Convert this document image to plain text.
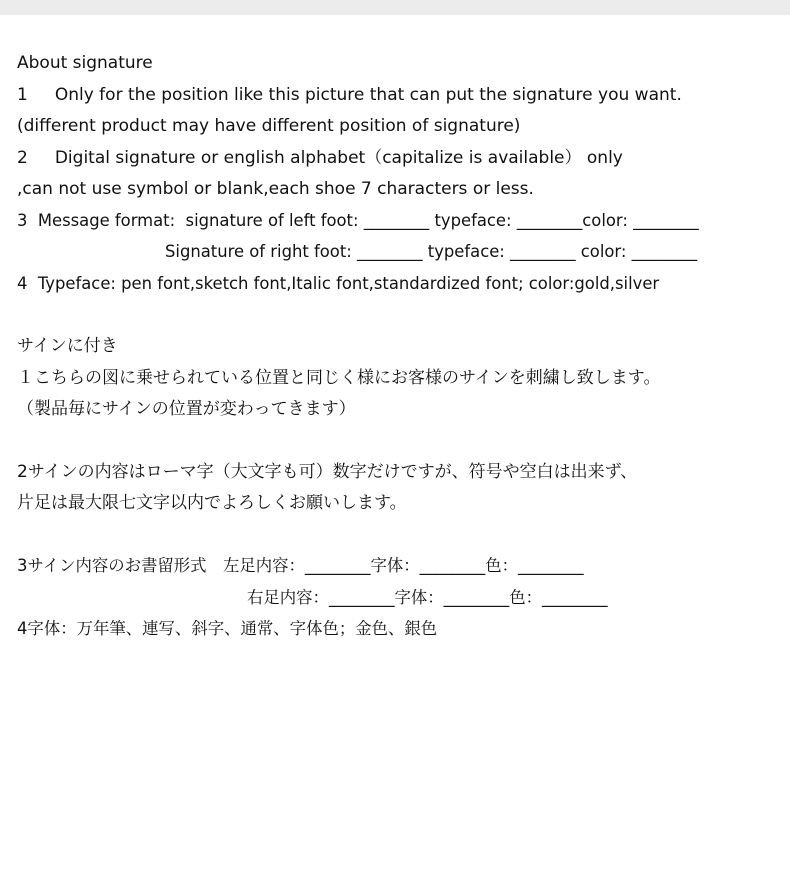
About signature
1     Only for the position like this picture that can put the signature you want.
(different product may have different position of signature)
2     Digital signature or english alphabet（capitalize is available） only
,can not use symbol or blank,each shoe 7 characters or less.
3  Message format:  signature of left foot: ________ typeface: ________color: ________
Signature of right foot: ________ typeface: ________ color: ________
4  Typeface: pen font,sketch font,Italic font,standardized font; color:gold,silver
サインに付き
１こちらの図に乗せられている位置と同じく様にお客様のサインを刺繍し致します。
（製品毎にサインの位置が変わってきます）
2サインの内容はローマ字（大文字も可）数字だけですが、符号や空白は出来ず、
片足は最大限七文字以内でよろしくお願いします。
3サイン内容のお書留形式　左足内容：________字体：________色：________
右足内容：________字体：________色：________
4字体：万年筆、連写、斜字、通常、字体色；金色、銀色
